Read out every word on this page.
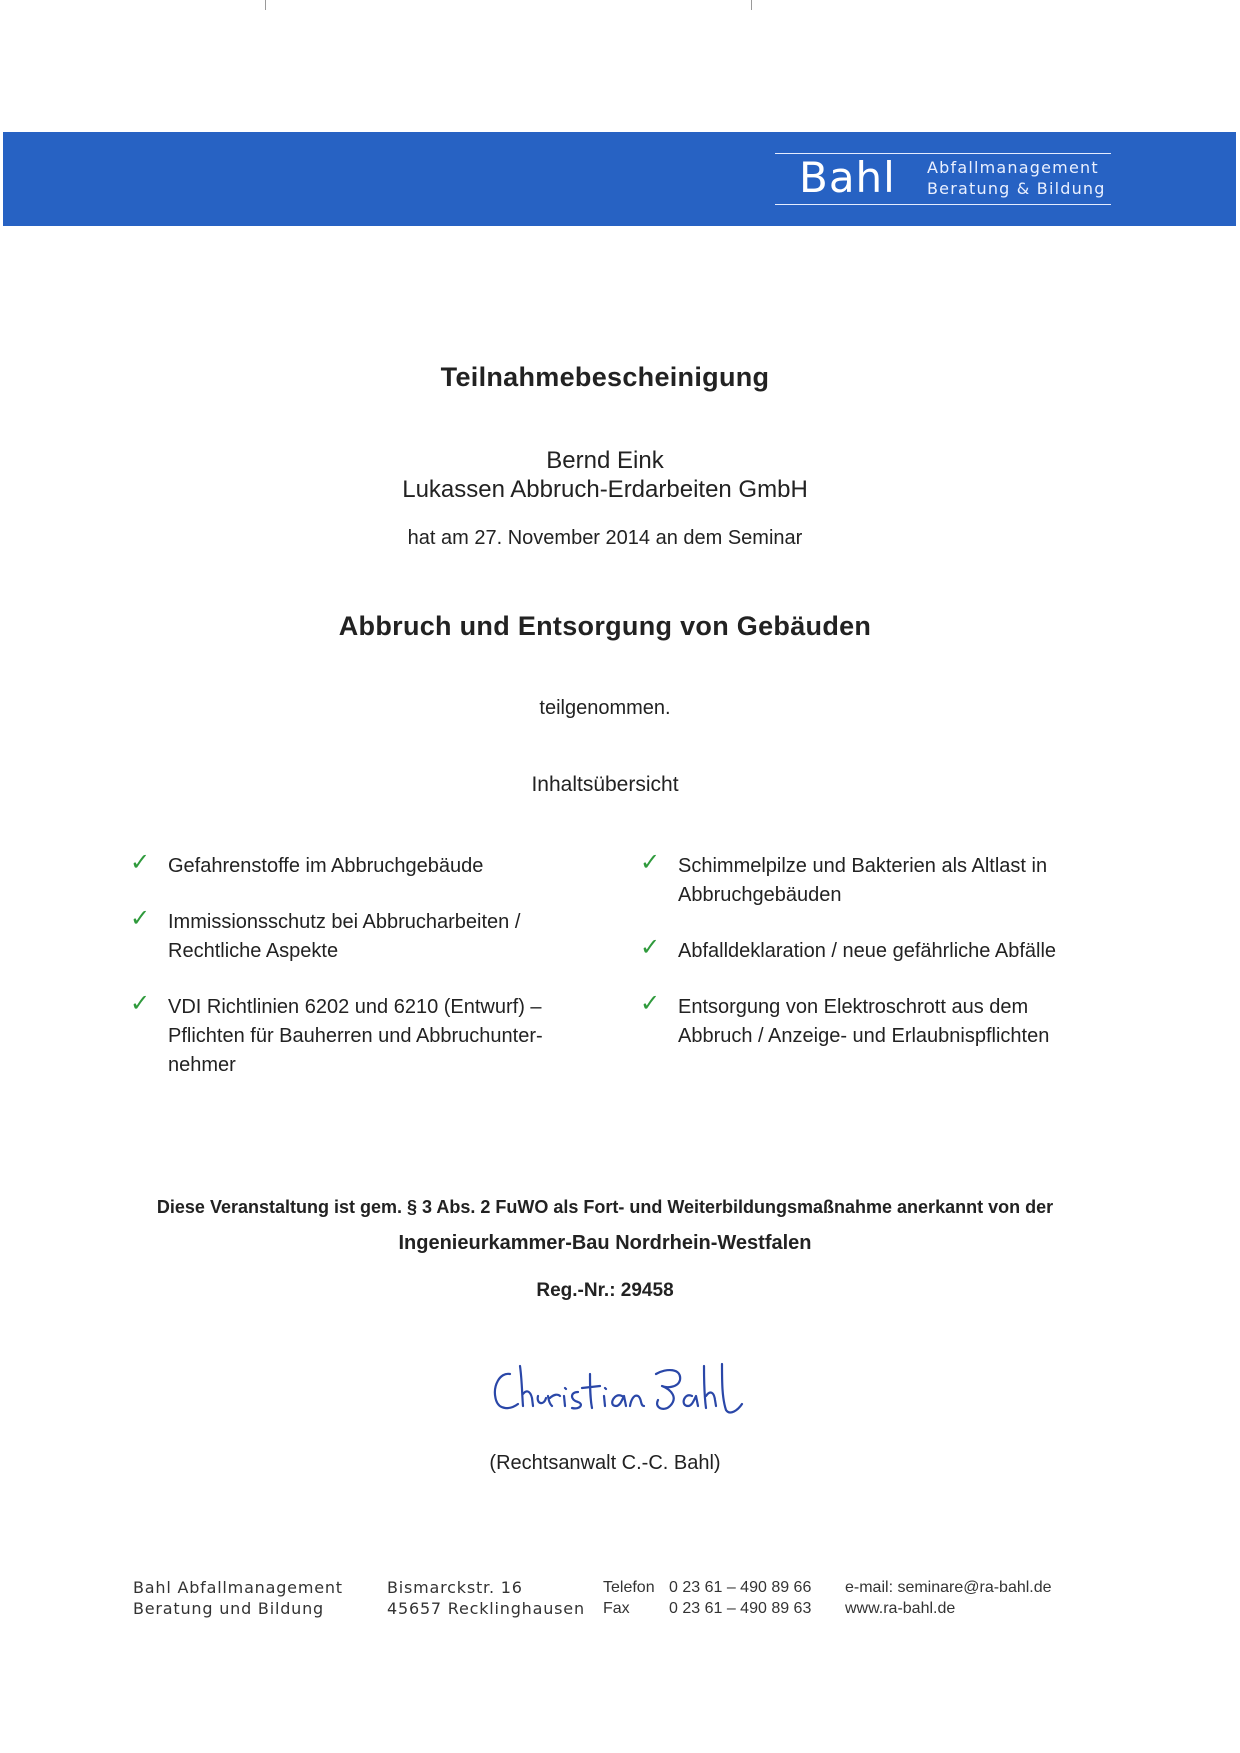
Bahl Abfallmanagement
Beratung & Bildung
Teilnahmebescheinigung
Bernd Eink
Lukassen Abbruch-Erdarbeiten GmbH
hat am 27. November 2014 an dem Seminar
Abbruch und Entsorgung von Gebäuden
teilgenommen.
Inhaltsübersicht
✓ Gefahrenstoffe im Abbruchgebäude
✓ Immissionsschutz bei Abbrucharbeiten /
Rechtliche Aspekte
✓ VDI Richtlinien 6202 und 6210 (Entwurf) –
Pflichten für Bauherren und Abbruchunter-
nehmer
✓ Schimmelpilze und Bakterien als Altlast in
Abbruchgebäuden
✓ Abfalldeklaration / neue gefährliche Abfälle
✓ Entsorgung von Elektroschrott aus dem
Abbruch / Anzeige- und Erlaubnispflichten
Diese Veranstaltung ist gem. § 3 Abs. 2 FuWO als Fort- und Weiterbildungsmaßnahme anerkannt von der
Ingenieurkammer-Bau Nordrhein-Westfalen
Reg.-Nr.: 29458
(Rechtsanwalt C.-C. Bahl)
Bahl Abfallmanagement
Beratung und Bildung
Bismarckstr. 16
45657 Recklinghausen
Telefon 0 23 61 – 490 89 66
Fax 0 23 61 – 490 89 63
e-mail: seminare@ra-bahl.de
www.ra-bahl.de
